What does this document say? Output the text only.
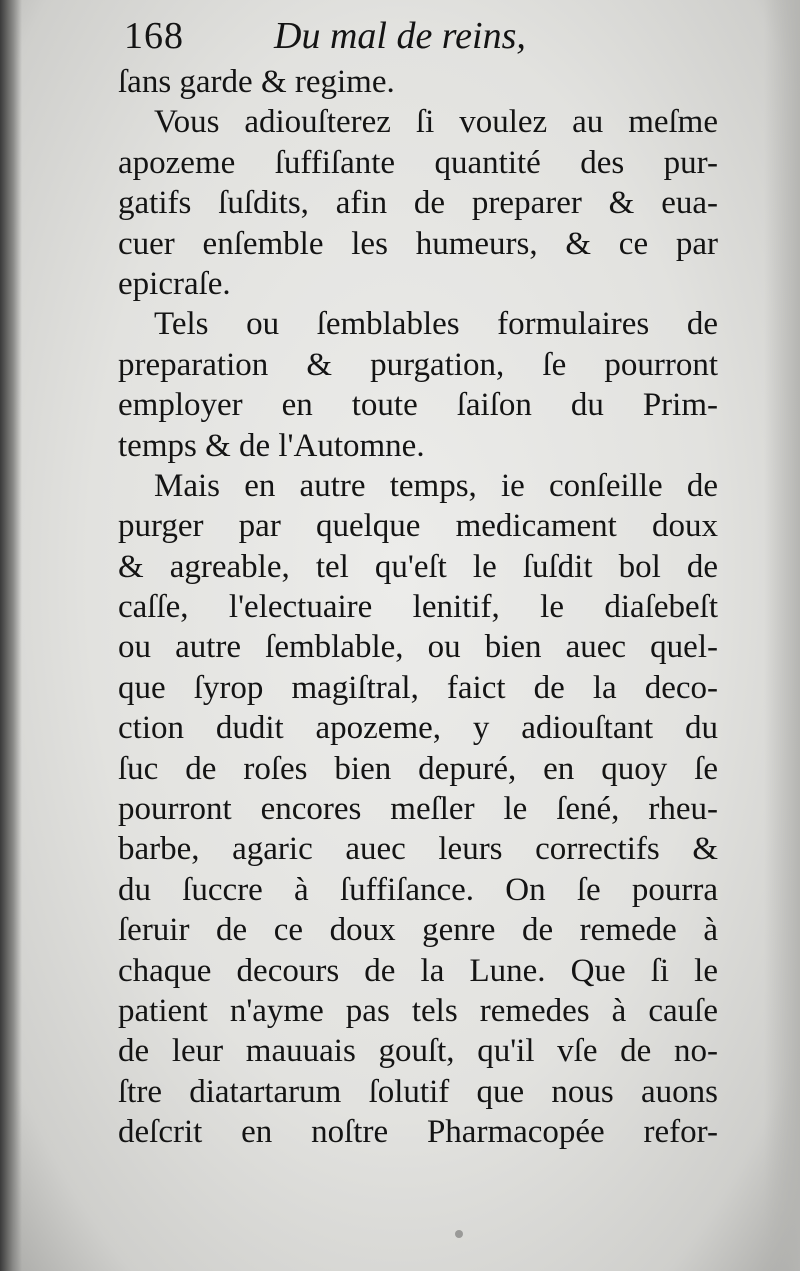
168 Du mal de reins,
ſans garde & regime.
Vous adiouſterez ſi voulez au meſme
apozeme ſuffiſante quantité des pur-
gatifs ſuſdits, afin de preparer & eua-
cuer enſemble les humeurs, & ce par
epicraſe.
Tels ou ſemblables formulaires de
preparation & purgation, ſe pourront
employer en toute ſaiſon du Prim-
temps & de l'Automne.
Mais en autre temps, ie conſeille de
purger par quelque medicament doux
& agreable, tel qu'eſt le ſuſdit bol de
caſſe, l'electuaire lenitif, le diaſebeſt
ou autre ſemblable, ou bien auec quel-
que ſyrop magiſtral, faict de la deco-
ction dudit apozeme, y adiouſtant du
ſuc de roſes bien depuré, en quoy ſe
pourront encores meſler le ſené, rheu-
barbe, agaric auec leurs correctifs &
du ſuccre à ſuffiſance. On ſe pourra
ſeruir de ce doux genre de remede à
chaque decours de la Lune. Que ſi le
patient n'ayme pas tels remedes à cauſe
de leur mauuais gouſt, qu'il vſe de no-
ſtre diatartarum ſolutif que nous auons
deſcrit en noſtre Pharmacopée refor-
